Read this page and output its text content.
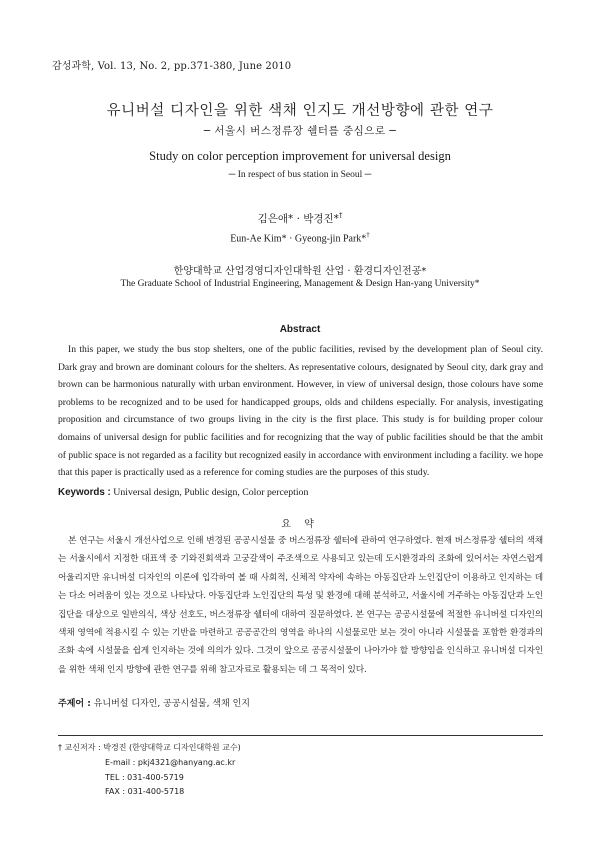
감성과학, Vol. 13, No. 2, pp.371-380, June 2010
유니버설 디자인을 위한 색채 인지도 개선방향에 관한 연구
─ 서울시 버스정류장 쉘터를 중심으로 ─
Study on color perception improvement for universal design
─ In respect of bus station in Seoul ─
김은애* · 박경진*†
Eun-Ae Kim* · Gyeong-jin Park*†
한양대학교 산업경영디자인대학원 산업 · 환경디자인전공*
The Graduate School of Industrial Engineering, Management & Design Han-yang University*
Abstract
In this paper, we study the bus stop shelters, one of the public facilities, revised by the development plan of Seoul city. Dark gray and brown are dominant colours for the shelters. As representative colours, designated by Seoul city, dark gray and brown can be harmonious naturally with urban environment. However, in view of universal design, those colours have some problems to be recognized and to be used for handicapped groups, olds and childens especially. For analysis, investigating proposition and circumstance of two groups living in the city is the first place. This study is for building proper colour domains of universal design for public facilities and for recognizing that the way of public facilities should be that the ambit of public space is not regarded as a facility but recognized easily in accordance with environment including a facility. we hope that this paper is practically used as a reference for coming studies are the purposes of this study.
Keywords : Universal design, Public design, Color perception
요 약
본 연구는 서울시 개선사업으로 인해 변경된 공공시설물 중 버스정류장 쉘터에 관하여 연구하였다. 현재 버스정류장 쉘터의 색채는 서울시에서 지정한 대표색 중 기와진회색과 고궁갈색이 주조색으로 사용되고 있는데 도시환경과의 조화에 있어서는 자연스럽게 어울리지만 유니버설 디자인의 이론에 입각하여 볼 때 사회적, 신체적 약자에 속하는 아동집단과 노인집단이 이용하고 인지하는 데는 다소 어려움이 있는 것으로 나타났다. 아동집단과 노인집단의 특성 및 환경에 대해 분석하고, 서울시에 거주하는 아동집단과 노인집단을 대상으로 일반의식, 색상 선호도, 버스정류장 쉘터에 대하여 질문하였다. 본 연구는 공공시설물에 적절한 유니버설 디자인의 색채 영역에 적용시킬 수 있는 기반을 마련하고 공공공간의 영역을 하나의 시설물로만 보는 것이 아니라 시설물을 포함한 환경과의 조화 속에 시설물을 쉽게 인지하는 것에 의의가 있다. 그것이 앞으로 공공시설물이 나아가야 할 방향임을 인식하고 유니버설 디자인을 위한 색채 인지 방향에 관한 연구를 위해 참고자료로 활용되는 데 그 목적이 있다.
주제어 : 유니버설 디자인, 공공시설물, 색채 인지
† 교신저자 : 박경진 (한양대학교 디자인대학원 교수)
E-mail : pkj4321@hanyang.ac.kr
TEL : 031-400-5719
FAX : 031-400-5718
